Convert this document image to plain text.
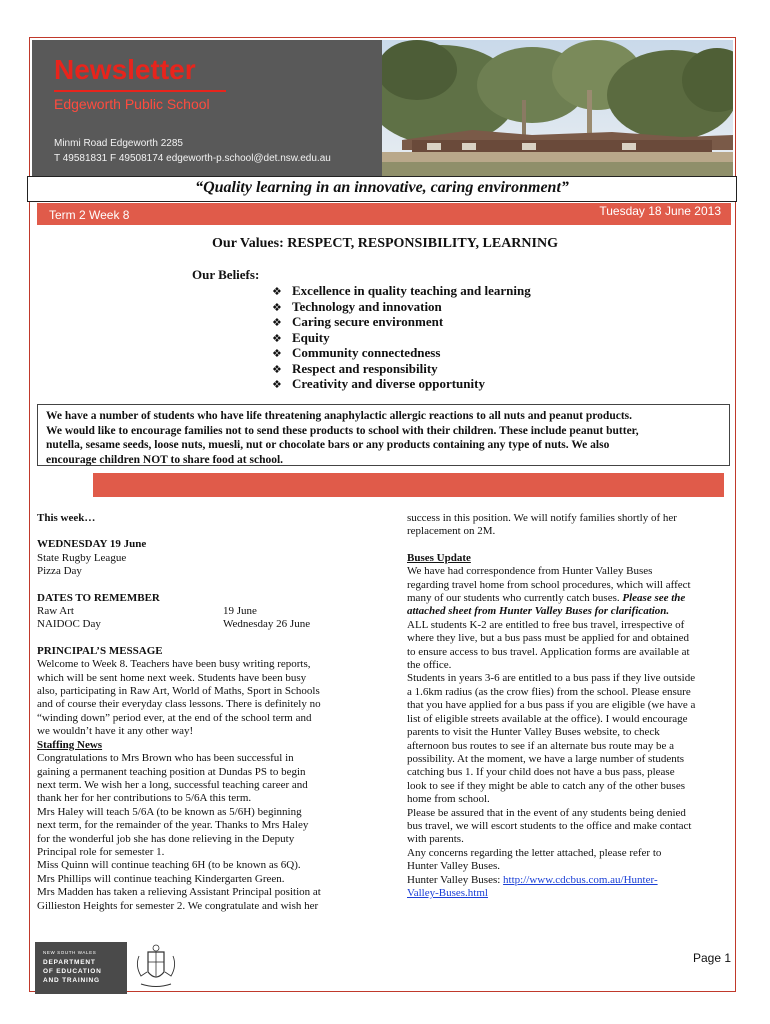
Newsletter
Edgeworth Public School
Minmi Road Edgeworth 2285
T 49581831 F 49508174 edgeworth-p.school@det.nsw.edu.au
“Quality learning in an innovative, caring environment”
Term 2 Week 8	Tuesday 18 June 2013
Our Values: RESPECT, RESPONSIBILITY, LEARNING
Our Beliefs:
❖ Excellence in quality teaching and learning
❖ Technology and innovation
❖ Caring secure environment
❖ Equity
❖ Community connectedness
❖ Respect and responsibility
❖ Creativity and diverse opportunity

We have a number of students who have life threatening anaphylactic allergic reactions to all nuts and peanut products.

We would like to encourage families not to send these products to school with their children. These include peanut butter,

nutella, sesame seeds, loose nuts, muesli, nut or chocolate bars or any products containing any type of nuts. We also

encourage children NOT to share food at school.

This week…

WEDNESDAY 19 June

State Rugby League

Pizza Day

DATES TO REMEMBER

Raw Art	19 June

NAIDOC Day	Wednesday 26 June

PRINCIPAL’S MESSAGE

Welcome to Week 8. Teachers have been busy writing reports,

which will be sent home next week. Students have been busy

also, participating in Raw Art, World of Maths, Sport in Schools

and of course their everyday class lessons. There is definitely no

“winding down” period ever, at the end of the school term and

we wouldn’t have it any other way!

Staffing News

Congratulations to Mrs Brown who has been successful in

gaining a permanent teaching position at Dundas PS to begin

next term. We wish her a long, successful teaching career and

thank her for her contributions to 5/6A this term.

Mrs Haley will teach 5/6A (to be known as 5/6H) beginning

next term, for the remainder of the year. Thanks to Mrs Haley

for the wonderful job she has done relieving in the Deputy

Principal role for semester 1.

Miss Quinn will continue teaching 6H (to be known as 6Q).

Mrs Phillips will continue teaching Kindergarten Green.

Mrs Madden has taken a relieving Assistant Principal position at

Gillieston Heights for semester 2. We congratulate and wish her

success in this position. We will notify families shortly of her

replacement on 2M.

Buses Update

We have had correspondence from Hunter Valley Buses

regarding travel home from school procedures, which will affect

many of our students who currently catch buses. Please see the

attached sheet from Hunter Valley Buses for clarification.

ALL students K-2 are entitled to free bus travel, irrespective of

where they live, but a bus pass must be applied for and obtained

to ensure access to bus travel. Application forms are available at

the office.

Students in years 3-6 are entitled to a bus pass if they live outside

a 1.6km radius (as the crow flies) from the school. Please ensure

that you have applied for a bus pass if you are eligible (we have a

list of eligible streets available at the office). I would encourage

parents to visit the Hunter Valley Buses website, to check

afternoon bus routes to see if an alternate bus route may be a

possibility. At the moment, we have a large number of students

catching bus 1. If your child does not have a bus pass, please

look to see if they might be able to catch any of the other buses

home from school.

Please be assured that in the event of any students being denied

bus travel, we will escort students to the office and make contact

with parents.

Any concerns regarding the letter attached, please refer to

Hunter Valley Buses.

Hunter Valley Buses: http://www.cdcbus.com.au/Hunter-

Valley-Buses.html

NEW SOUTH WALES
DEPARTMENT
OF EDUCATION
AND TRAINING
Page 1
